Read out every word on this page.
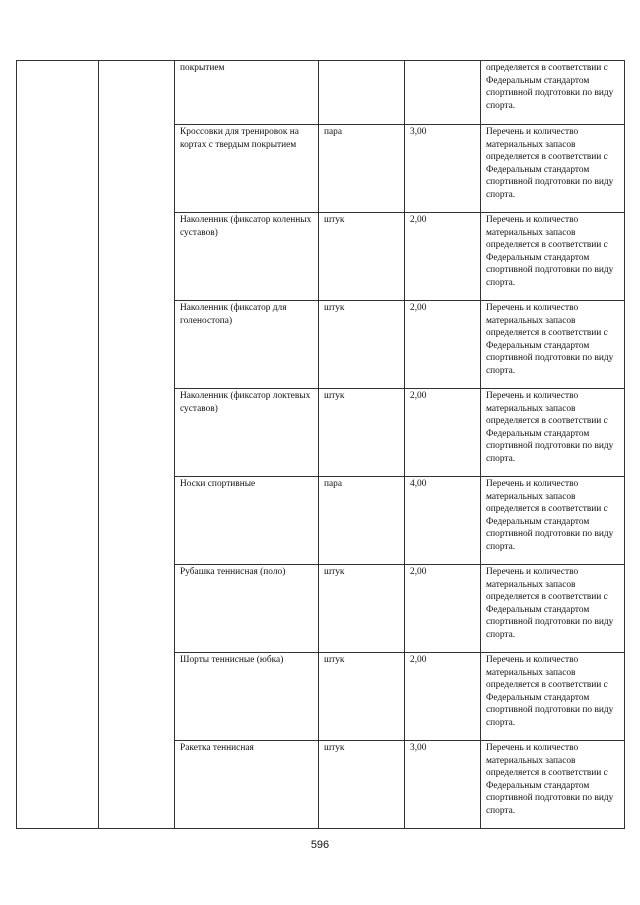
		покрытием			определяется в соответствии с Федеральным стандартом спортивной подготовки по виду спорта.
		Кроссовки для тренировок на кортах с твердым покрытием	пара	3,00	Перечень и количество материальных запасов определяется в соответствии с Федеральным стандартом спортивной подготовки по виду спорта.
		Наколенник (фиксатор коленных суставов)	штук	2,00	Перечень и количество материальных запасов определяется в соответствии с Федеральным стандартом спортивной подготовки по виду спорта.
		Наколенник (фиксатор для голеностопа)	штук	2,00	Перечень и количество материальных запасов определяется в соответствии с Федеральным стандартом спортивной подготовки по виду спорта.
		Наколенник (фиксатор локтевых суставов)	штук	2,00	Перечень и количество материальных запасов определяется в соответствии с Федеральным стандартом спортивной подготовки по виду спорта.
		Носки спортивные	пара	4,00	Перечень и количество материальных запасов определяется в соответствии с Федеральным стандартом спортивной подготовки по виду спорта.
		Рубашка теннисная (поло)	штук	2,00	Перечень и количество материальных запасов определяется в соответствии с Федеральным стандартом спортивной подготовки по виду спорта.
		Шорты теннисные (юбка)	штук	2,00	Перечень и количество материальных запасов определяется в соответствии с Федеральным стандартом спортивной подготовки по виду спорта.
		Ракетка теннисная	штук	3,00	Перечень и количество материальных запасов определяется в соответствии с Федеральным стандартом спортивной подготовки по виду спорта.
596
